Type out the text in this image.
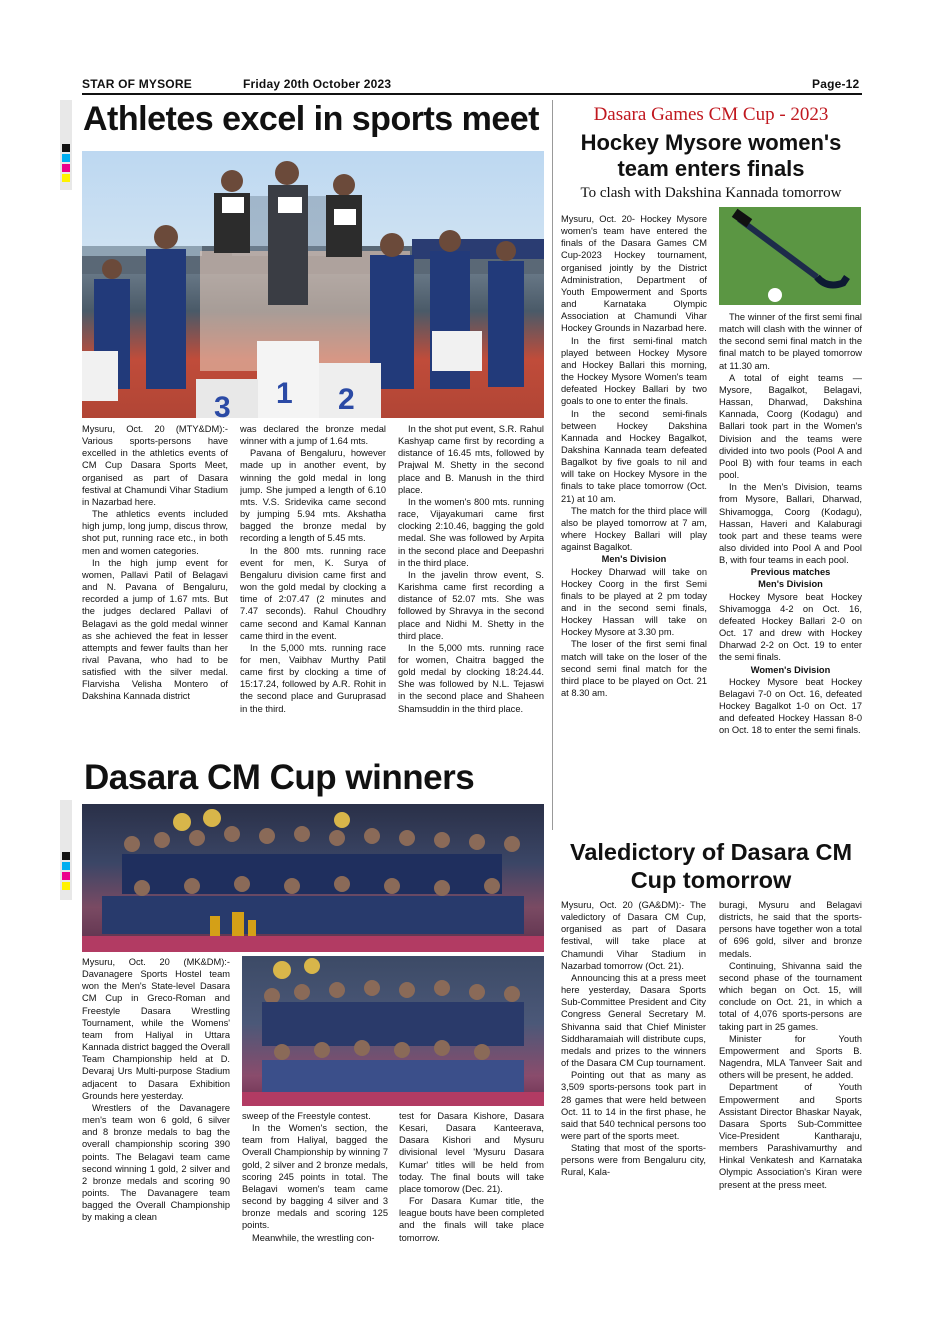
STAR OF MYSORE	Friday 20th October 2023	Page-12
Athletes excel in sports meet
1 2
3

Mysuru, Oct. 20 (MTY&DM):- Various sports-persons have excelled in the athletics events of CM Cup Dasara Sports Meet, organised as part of Dasara festival at Chamundi Vihar Stadium in Nazarbad here.

The athletics events included high jump, long jump, discus throw, shot put, running race etc., in both men and women categories.

In the high jump event for women, Pallavi Patil of Belagavi and N. Pavana of Bengaluru, recorded a jump of 1.67 mts. But the judges declared Pallavi of Belagavi as the gold medal winner as she achieved the feat in lesser attempts and fewer faults than her rival Pavana, who had to be satisfied with the silver medal. Flarvisha Velisha Montero of Dakshina Kannada district

was declared the bronze medal winner with a jump of 1.64 mts.

Pavana of Bengaluru, however made up in another event, by winning the gold medal in long jump. She jumped a length of 6.10 mts. V.S. Sridevika came second by jumping 5.94 mts. Akshatha bagged the bronze medal by recording a length of 5.45 mts.

In the 800 mts. running race event for men, K. Surya of Bengaluru division came first and won the gold medal by clocking a time of 2:07.47 (2 minutes and 7.47 seconds). Rahul Choudhry came second and Kamal Kannan came third in the event.

In the 5,000 mts. running race for men, Vaibhav Murthy Patil came first by clocking a time of 15:17.24, followed by A.R. Rohit in the second place and Guruprasad in the third.

In the shot put event, S.R. Rahul Kashyap came first by recording a distance of 16.45 mts, followed by Prajwal M. Shetty in the second place and B. Manush in the third place.

In the women's 800 mts. running race, Vijayakumari came first clocking 2:10.46, bagging the gold medal. She was followed by Arpita in the second place and Deepashri in the third place.

In the javelin throw event, S. Karishma came first recording a distance of 52.07 mts. She was followed by Shravya in the second place and Nidhi M. Shetty in the third place.

In the 5,000 mts. running race for women, Chaitra bagged the gold medal by clocking 18:24.44. She was followed by N.L. Tejaswi in the second place and Shaheen Shamsuddin in the third place.

Dasara Games CM Cup - 2023
Hockey Mysore women's team enters finals
To clash with Dakshina Kannada tomorrow

Mysuru, Oct. 20- Hockey Mysore women's team have entered the finals of the Dasara Games CM Cup-2023 Hockey tournament, organised jointly by the District Administration, Department of Youth Empowerment and Sports and Karnataka Olympic Association at Chamundi Vihar Hockey Grounds in Nazarbad here.

In the first semi-final match played between Hockey Mysore and Hockey Ballari this morning, the Hockey Mysore Women's team defeated Hockey Ballari by two goals to one to enter the finals.

In the second semi-finals between Hockey Dakshina Kannada and Hockey Bagalkot, Dakshina Kannada team defeated Bagalkot by five goals to nil and will take on Hockey Mysore in the finals to take place tomorrow (Oct. 21) at 10 am.

The match for the third place will also be played tomorrow at 7 am, where Hockey Ballari will play against Bagalkot.

Men's Division

Hockey Dharwad will take on Hockey Coorg in the first Semi finals to be played at 2 pm today and in the second semi finals, Hockey Hassan will take on Hockey Mysore at 3.30 pm.

The loser of the first semi final match will take on the loser of the second semi final match for the third place to be played on Oct. 21 at 8.30 am.

The winner of the first semi final match will clash with the winner of the second semi final match in the final match to be played tomorrow at 11.30 am.

A total of eight teams — Mysore, Bagalkot, Belagavi, Hassan, Dharwad, Dakshina Kannada, Coorg (Kodagu) and Ballari took part in the Women's Division and the teams were divided into two pools (Pool A and Pool B) with four teams in each pool.

In the Men's Division, teams from Mysore, Ballari, Dharwad, Shivamogga, Coorg (Kodagu), Hassan, Haveri and Kalaburagi took part and these teams were also divided into Pool A and Pool B, with four teams in each pool.

Previous matches

Men's Division

Hockey Mysore beat Hockey Shivamogga 4-2 on Oct. 16, defeated Hockey Ballari 2-0 on Oct. 17 and drew with Hockey Dharwad 2-2 on Oct. 19 to enter the semi finals.

Women's Division

Hockey Mysore beat Hockey Belagavi 7-0 on Oct. 16, defeated Hockey Bagalkot 1-0 on Oct. 17 and defeated Hockey Hassan 8-0 on Oct. 18 to enter the semi finals.

Dasara CM Cup winners

Mysuru, Oct. 20 (MK&DM):- Davanagere Sports Hostel team won the Men's State-level Dasara CM Cup in Greco-Roman and Freestyle Dasara Wrestling Tournament, while the Womens' team from Haliyal in Uttara Kannada district bagged the Overall Team Championship held at D. Devaraj Urs Multi-purpose Stadium adjacent to Dasara Exhibition Grounds here yesterday.

Wrestlers of the Davanagere men's team won 6 gold, 6 silver and 8 bronze medals to bag the overall championship scoring 390 points. The Belagavi team came second winning 1 gold, 2 silver and 2 bronze medals and scoring 90 points. The Davanagere team bagged the Overall Championship by making a clean

sweep of the Freestyle contest.

In the Women's section, the team from Haliyal, bagged the Overall Championship by winning 7 gold, 2 silver and 2 bronze medals, scoring 245 points in total. The Belagavi women's team came second by bagging 4 silver and 3 bronze medals and scoring 125 points.

Meanwhile, the wrestling con-

test for Dasara Kishore, Dasara Kesari, Dasara Kanteerava, Dasara Kishori and Mysuru divisional level 'Mysuru Dasara Kumar' titles will be held from today. The final bouts will take place tomorow (Dec. 21).

For Dasara Kumar title, the league bouts have been completed and the finals will take place tomorrow.

Valedictory of Dasara CM Cup tomorrow

Mysuru, Oct. 20 (GA&DM):- The valedictory of Dasara CM Cup, organised as part of Dasara festival, will take place at Chamundi Vihar Stadium in Nazarbad tomorrow (Oct. 21).

Announcing this at a press meet here yesterday, Dasara Sports Sub-Committee President and City Congress General Secretary M. Shivanna said that Chief Minister Siddharamaiah will distribute cups, medals and prizes to the winners of the Dasara CM Cup tournament.

Pointing out that as many as 3,509 sports-persons took part in 28 games that were held between Oct. 11 to 14 in the first phase, he said that 540 technical persons too were part of the sports meet.

Stating that most of the sports-persons were from Bengaluru city, Rural, Kala-

buragi, Mysuru and Belagavi districts, he said that the sports-persons have together won a total of 696 gold, silver and bronze medals.

Continuing, Shivanna said the second phase of the tournament which began on Oct. 15, will conclude on Oct. 21, in which a total of 4,076 sports-persons are taking part in 25 games.

Minister for Youth Empowerment and Sports B. Nagendra, MLA Tanveer Sait and others will be present, he added.

Department of Youth Empowerment and Sports Assistant Director Bhaskar Nayak, Dasara Sports Sub-Committee Vice-President Kantharaju, members Parashivamurthy and Hinkal Venkatesh and Karnataka Olympic Association's Kiran were present at the press meet.
